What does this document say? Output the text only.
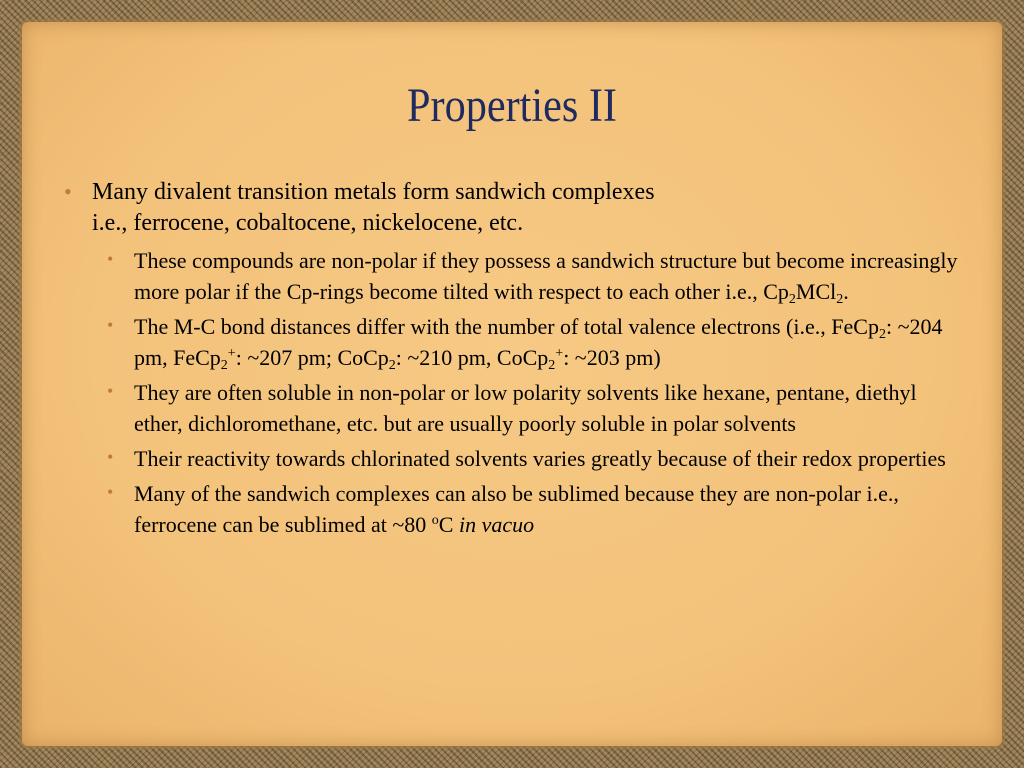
Properties II
• Many divalent transition metals form sandwich complexes
i.e., ferrocene, cobaltocene, nickelocene, etc.
• These compounds are non-polar if they possess a sandwich structure but become increasingly more polar if the Cp-rings become tilted with respect to each other i.e., $Cp_2MCl_2$.
• The M-C bond distances differ with the number of total valence electrons (i.e., FeCp$_2$: ~204 pm, FeCp$_2$+: ~207 pm; CoCp$_2$: ~210 pm, CoCp$_2$+: ~203 pm)
• They are often soluble in non-polar or low polarity solvents like hexane, pentane, diethyl ether, dichloromethane, etc. but are usually poorly soluble in polar solvents
• Their reactivity towards chlorinated solvents varies greatly because of their redox properties
• Many of the sandwich complexes can also be sublimed because they are non-polar i.e., ferrocene can be sublimed at ~80 $^o$C in vacuo
